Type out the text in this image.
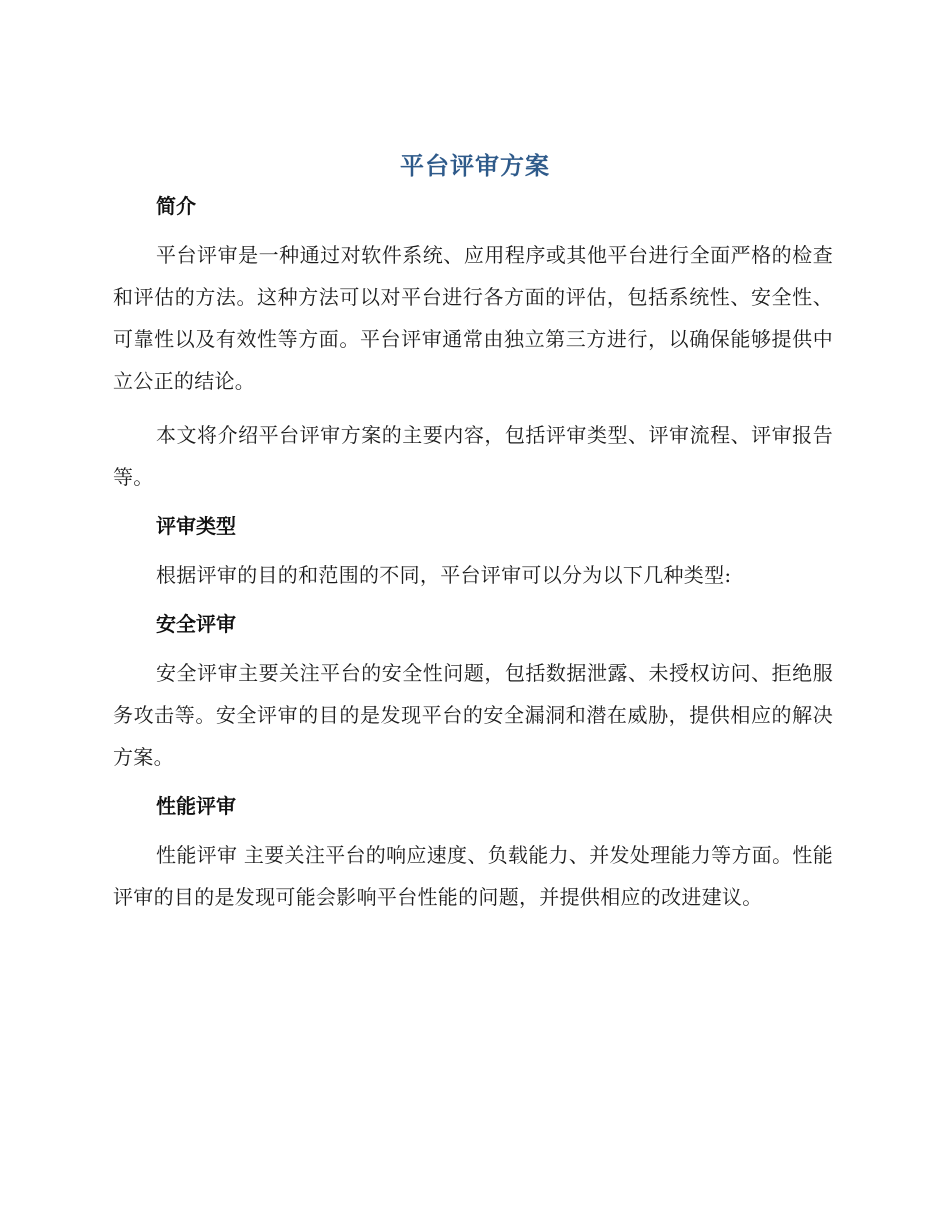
平台评审方案
简介

平台评审是一种通过对软件系统、应用程序或其他平台进行全面严格的检查和评估的方法。这种方法可以对平台进行各方面的评估，包括系统性、安全性、可靠性以及有效性等方面。平台评审通常由独立第三方进行，以确保能够提供中立公正的结论。

本文将介绍平台评审方案的主要内容，包括评审类型、评审流程、评审报告等。

评审类型

根据评审的目的和范围的不同，平台评审可以分为以下几种类型:

安全评审

安全评审主要关注平台的安全性问题，包括数据泄露、未授权访问、拒绝服务攻击等。安全评审的目的是发现平台的安全漏洞和潜在威胁，提供相应的解决方案。

性能评审

性能评审 主要关注平台的响应速度、负载能力、并发处理能力等方面。性能评审的目的是发现可能会影响平台性能的问题，并提供相应的改进建议。
